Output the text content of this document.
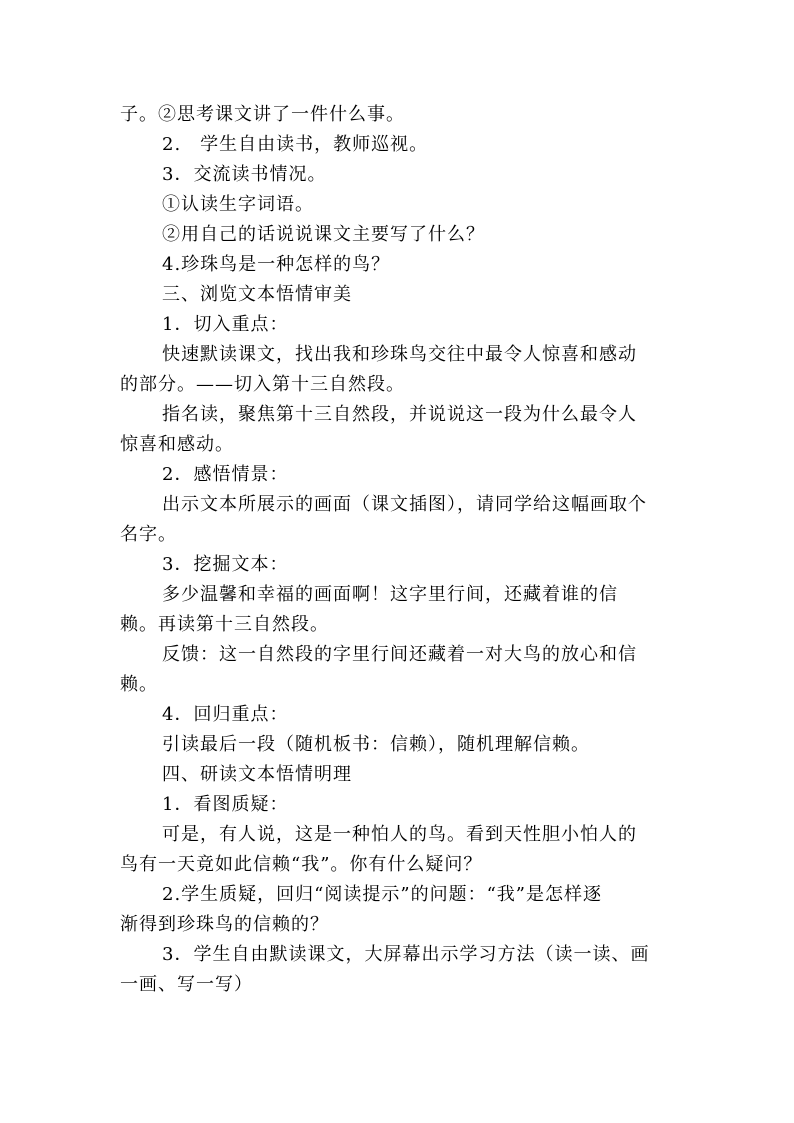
子。②思考课文讲了一件什么事。
2.　学生自由读书，教师巡视。
3．交流读书情况。
①认读生字词语。
②用自己的话说说课文主要写了什么？
4.珍珠鸟是一种怎样的鸟？
三、浏览文本悟情审美
1．切入重点：
快速默读课文，找出我和珍珠鸟交往中最令人惊喜和感动
的部分。——切入第十三自然段。
指名读，聚焦第十三自然段，并说说这一段为什么最令人
惊喜和感动。
2．感悟情景：
出示文本所展示的画面（课文插图），请同学给这幅画取个
名字。
3．挖掘文本：
多少温馨和幸福的画面啊！这字里行间，还藏着谁的信
赖。再读第十三自然段。
反馈：这一自然段的字里行间还藏着一对大鸟的放心和信
赖。
4．回归重点：
引读最后一段（随机板书：信赖），随机理解信赖。
四、研读文本悟情明理
1．看图质疑：
可是，有人说，这是一种怕人的鸟。看到天性胆小怕人的
鸟有一天竟如此信赖“我”。你有什么疑问？
2.学生质疑，回归“阅读提示”的问题：“我”是怎样逐
渐得到珍珠鸟的信赖的？
3．学生自由默读课文，大屏幕出示学习方法（读一读、画
一画、写一写）
